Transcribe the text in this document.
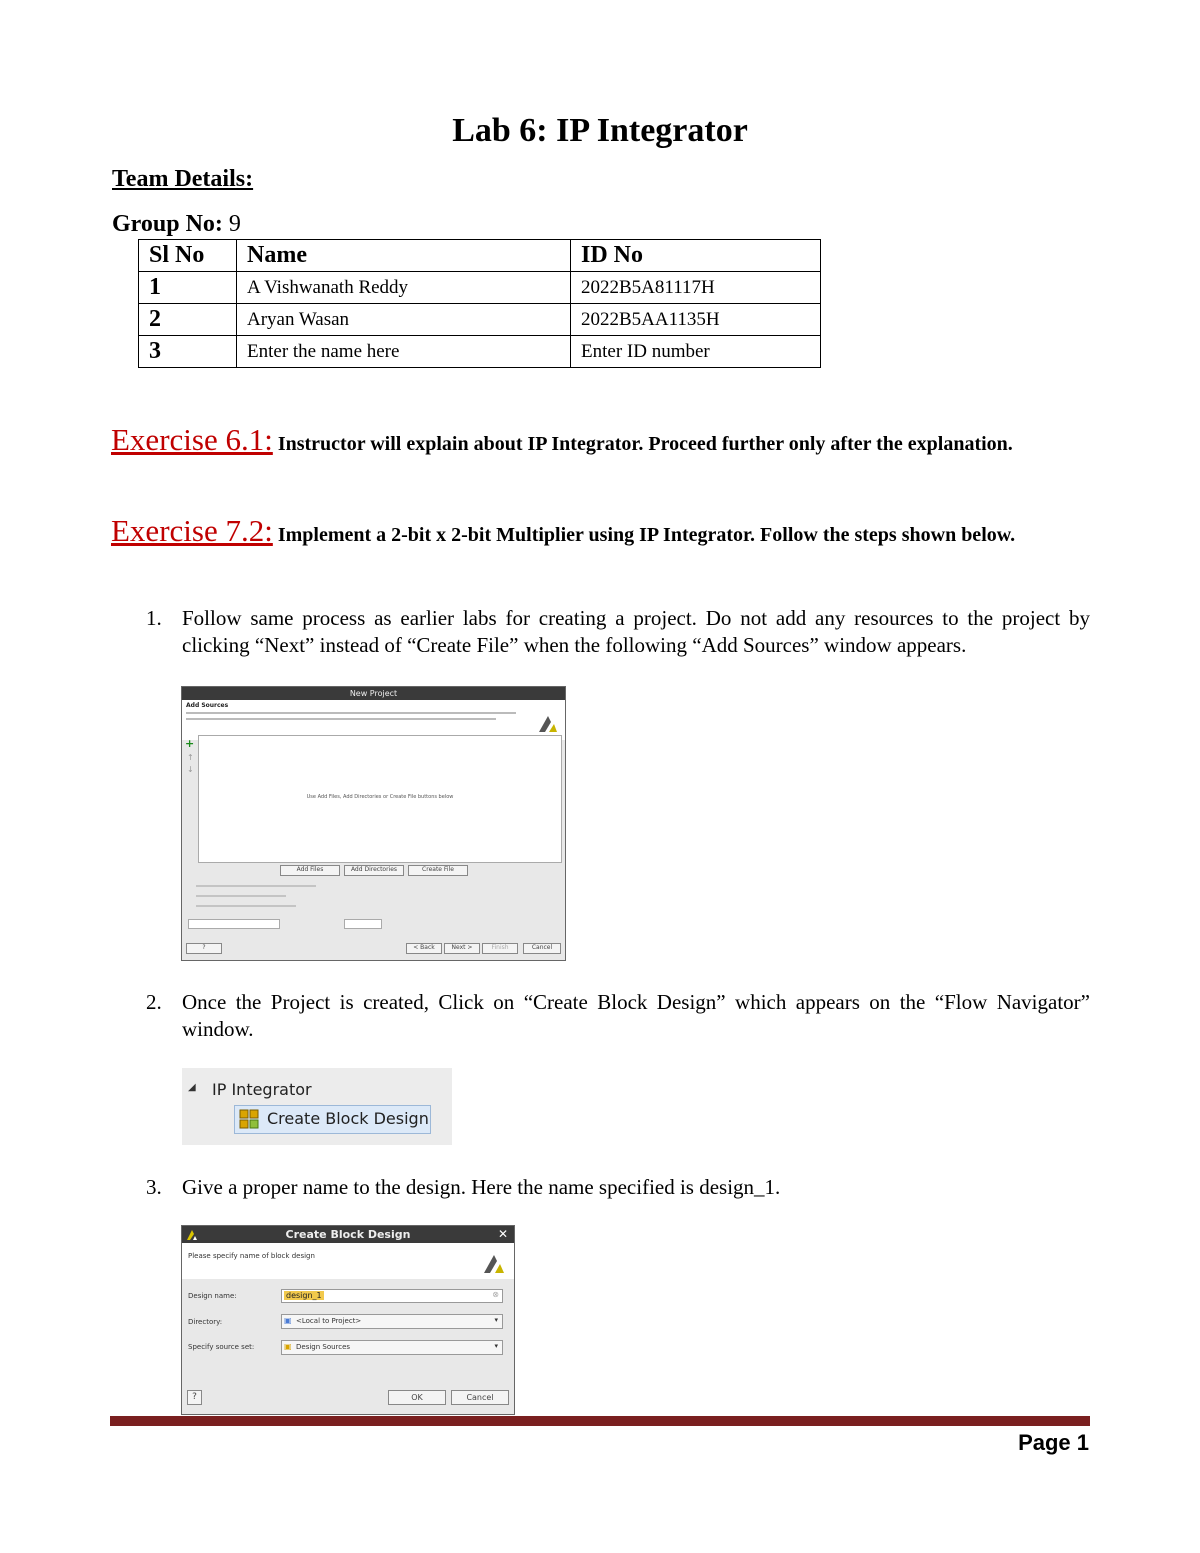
Lab 6: IP Integrator
Team Details:
Group No: 9
Sl No	Name	ID No
1	A Vishwanath Reddy	2022B5A81117H
2	Aryan Wasan	2022B5AA1135H
3	Enter the name here	Enter ID number
Exercise 6.1: Instructor will explain about IP Integrator. Proceed further only after the explanation.
Exercise 7.2: Implement a 2-bit x 2-bit Multiplier using IP Integrator. Follow the steps shown below.
1. Follow same process as earlier labs for creating a project. Do not add any resources to the project by clicking “Next” instead of “Create File” when the following “Add Sources” window appears.
New Project
Add Sources
Use Add Files, Add Directories or Create File buttons below
+
↑
↓
Add Files	Add Directories	Create File
?	< Back	Next >	Finish	Cancel
2. Once the Project is created, Click on “Create Block Design” which appears on the “Flow Navigator” window.
◢ IP Integrator
Create Block Design
3. Give a proper name to the design. Here the name specified is design_1.
Create Block Design	✕
Please specify name of block design
Design name:	design_1	⊗
Directory:	▣ <Local to Project>	▾
Specify source set:	▣ Design Sources	▾
?	OK	Cancel
Page 1
